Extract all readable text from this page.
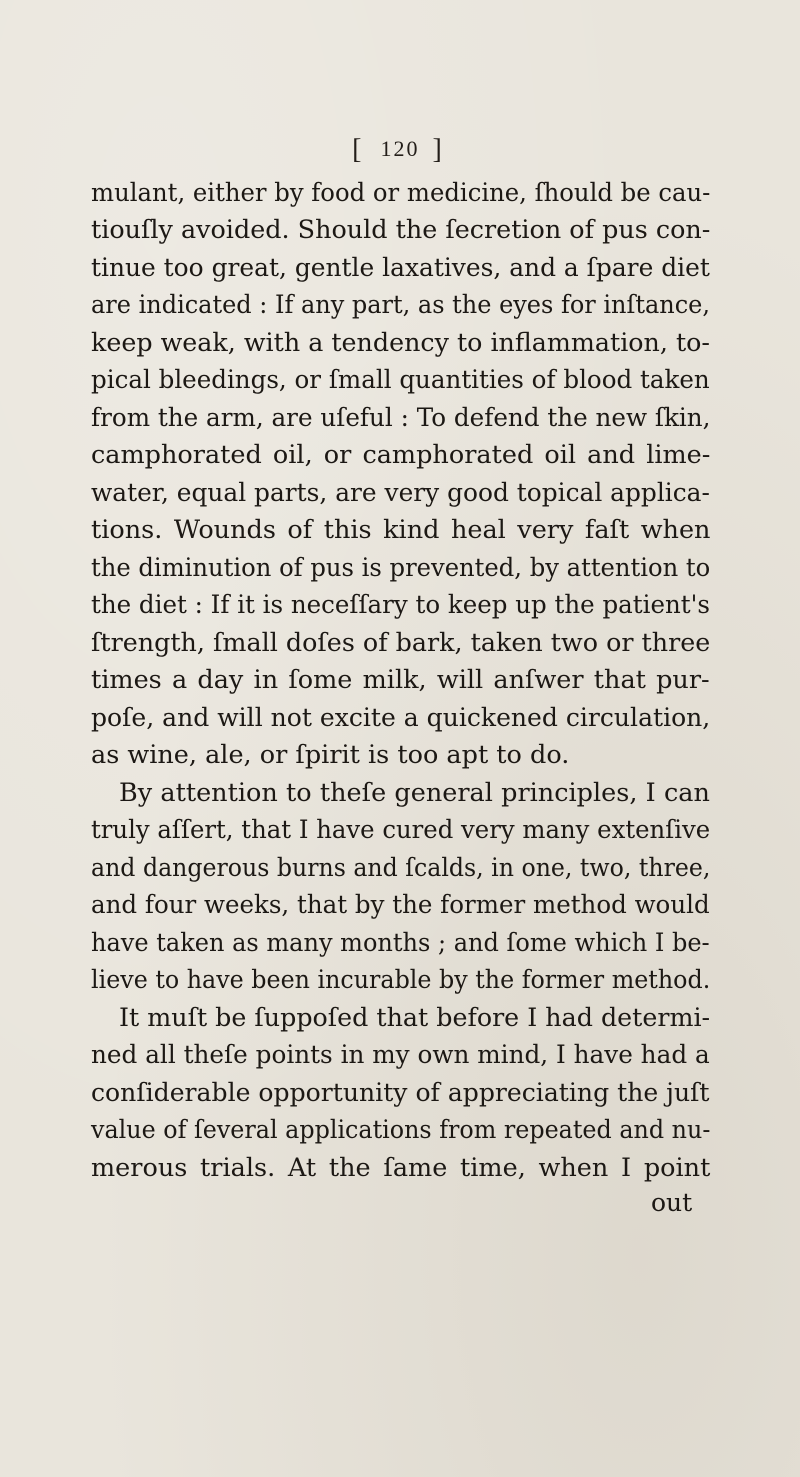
[ 120 ]
mulant, either by food or medicine, ſhould be cau-
tiouſly avoided. Should the ſecretion of pus con-
tinue too great, gentle laxatives, and a ſpare diet
are indicated : If any part, as the eyes for inſtance,
keep weak, with a tendency to inflammation, to-
pical bleedings, or ſmall quantities of blood taken
from the arm, are uſeful : To defend the new ſkin,
camphorated oil, or camphorated oil and lime-
water, equal parts, are very good topical applica-
tions. Wounds of this kind heal very faſt when
the diminution of pus is prevented, by attention to
the diet : If it is neceſſary to keep up the patient's
ſtrength, ſmall doſes of bark, taken two or three
times a day in ſome milk, will anſwer that pur-
poſe, and will not excite a quickened circulation,
as wine, ale, or ſpirit is too apt to do.
By attention to theſe general principles, I can
truly aſſert, that I have cured very many extenſive
and dangerous burns and ſcalds, in one, two, three,
and four weeks, that by the former method would
have taken as many months ; and ſome which I be-
lieve to have been incurable by the former method.
It muſt be ſuppoſed that before I had determi-
ned all theſe points in my own mind, I have had a
conſiderable opportunity of appreciating the juſt
value of ſeveral applications from repeated and nu-
merous trials. At the ſame time, when I point
out
